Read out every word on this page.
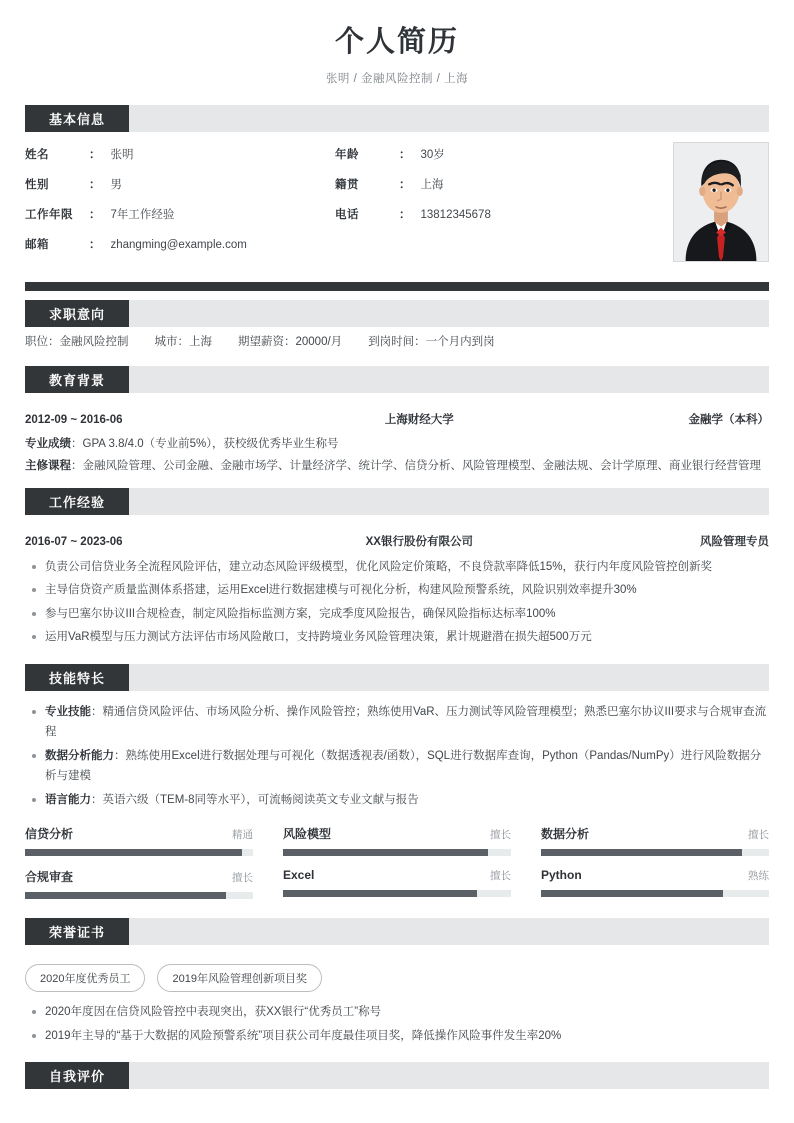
个人简历
张明 / 金融风险控制 / 上海
基本信息
姓名	： 张明	年龄	： 30岁
性别	： 男	籍贯	： 上海
工作年限	： 7年工作经验	电话	： 13812345678
邮箱	： zhangming@example.com
求职意向
职位：金融风险控制 城市：上海 期望薪资：20000/月 到岗时间：一个月内到岗
教育背景
2012-09 ~ 2016-06	上海财经大学	金融学（本科）
专业成绩：GPA 3.8/4.0（专业前5%），获校级优秀毕业生称号
主修课程：金融风险管理、公司金融、金融市场学、计量经济学、统计学、信贷分析、风险管理模型、金融法规、会计学原理、商业银行经营管理
工作经验
2016-07 ~ 2023-06	XX银行股份有限公司	风险管理专员
负责公司信贷业务全流程风险评估，建立动态风险评级模型，优化风险定价策略，不良贷款率降低15%，获行内年度风险管控创新奖
主导信贷资产质量监测体系搭建，运用Excel进行数据建模与可视化分析，构建风险预警系统，风险识别效率提升30%
参与巴塞尔协议III合规检查，制定风险指标监测方案，完成季度风险报告，确保风险指标达标率100%
运用VaR模型与压力测试方法评估市场风险敞口，支持跨境业务风险管理决策，累计规避潜在损失超500万元
技能特长
专业技能：精通信贷风险评估、市场风险分析、操作风险管控；熟练使用VaR、压力测试等风险管理模型；熟悉巴塞尔协议III要求与合规审查流程
数据分析能力：熟练使用Excel进行数据处理与可视化（数据透视表/函数），SQL进行数据库查询，Python（Pandas/NumPy）进行风险数据分析与建模
语言能力：英语六级（TEM-8同等水平），可流畅阅读英文专业文献与报告
信贷分析	精通	风险模型	擅长	数据分析	擅长
合规审查	擅长	Excel	擅长	Python	熟练
荣誉证书
2020年度优秀员工	2019年风险管理创新项目奖
2020年度因在信贷风险管控中表现突出，获XX银行“优秀员工”称号
2019年主导的“基于大数据的风险预警系统”项目获公司年度最佳项目奖，降低操作风险事件发生率20%
自我评价
